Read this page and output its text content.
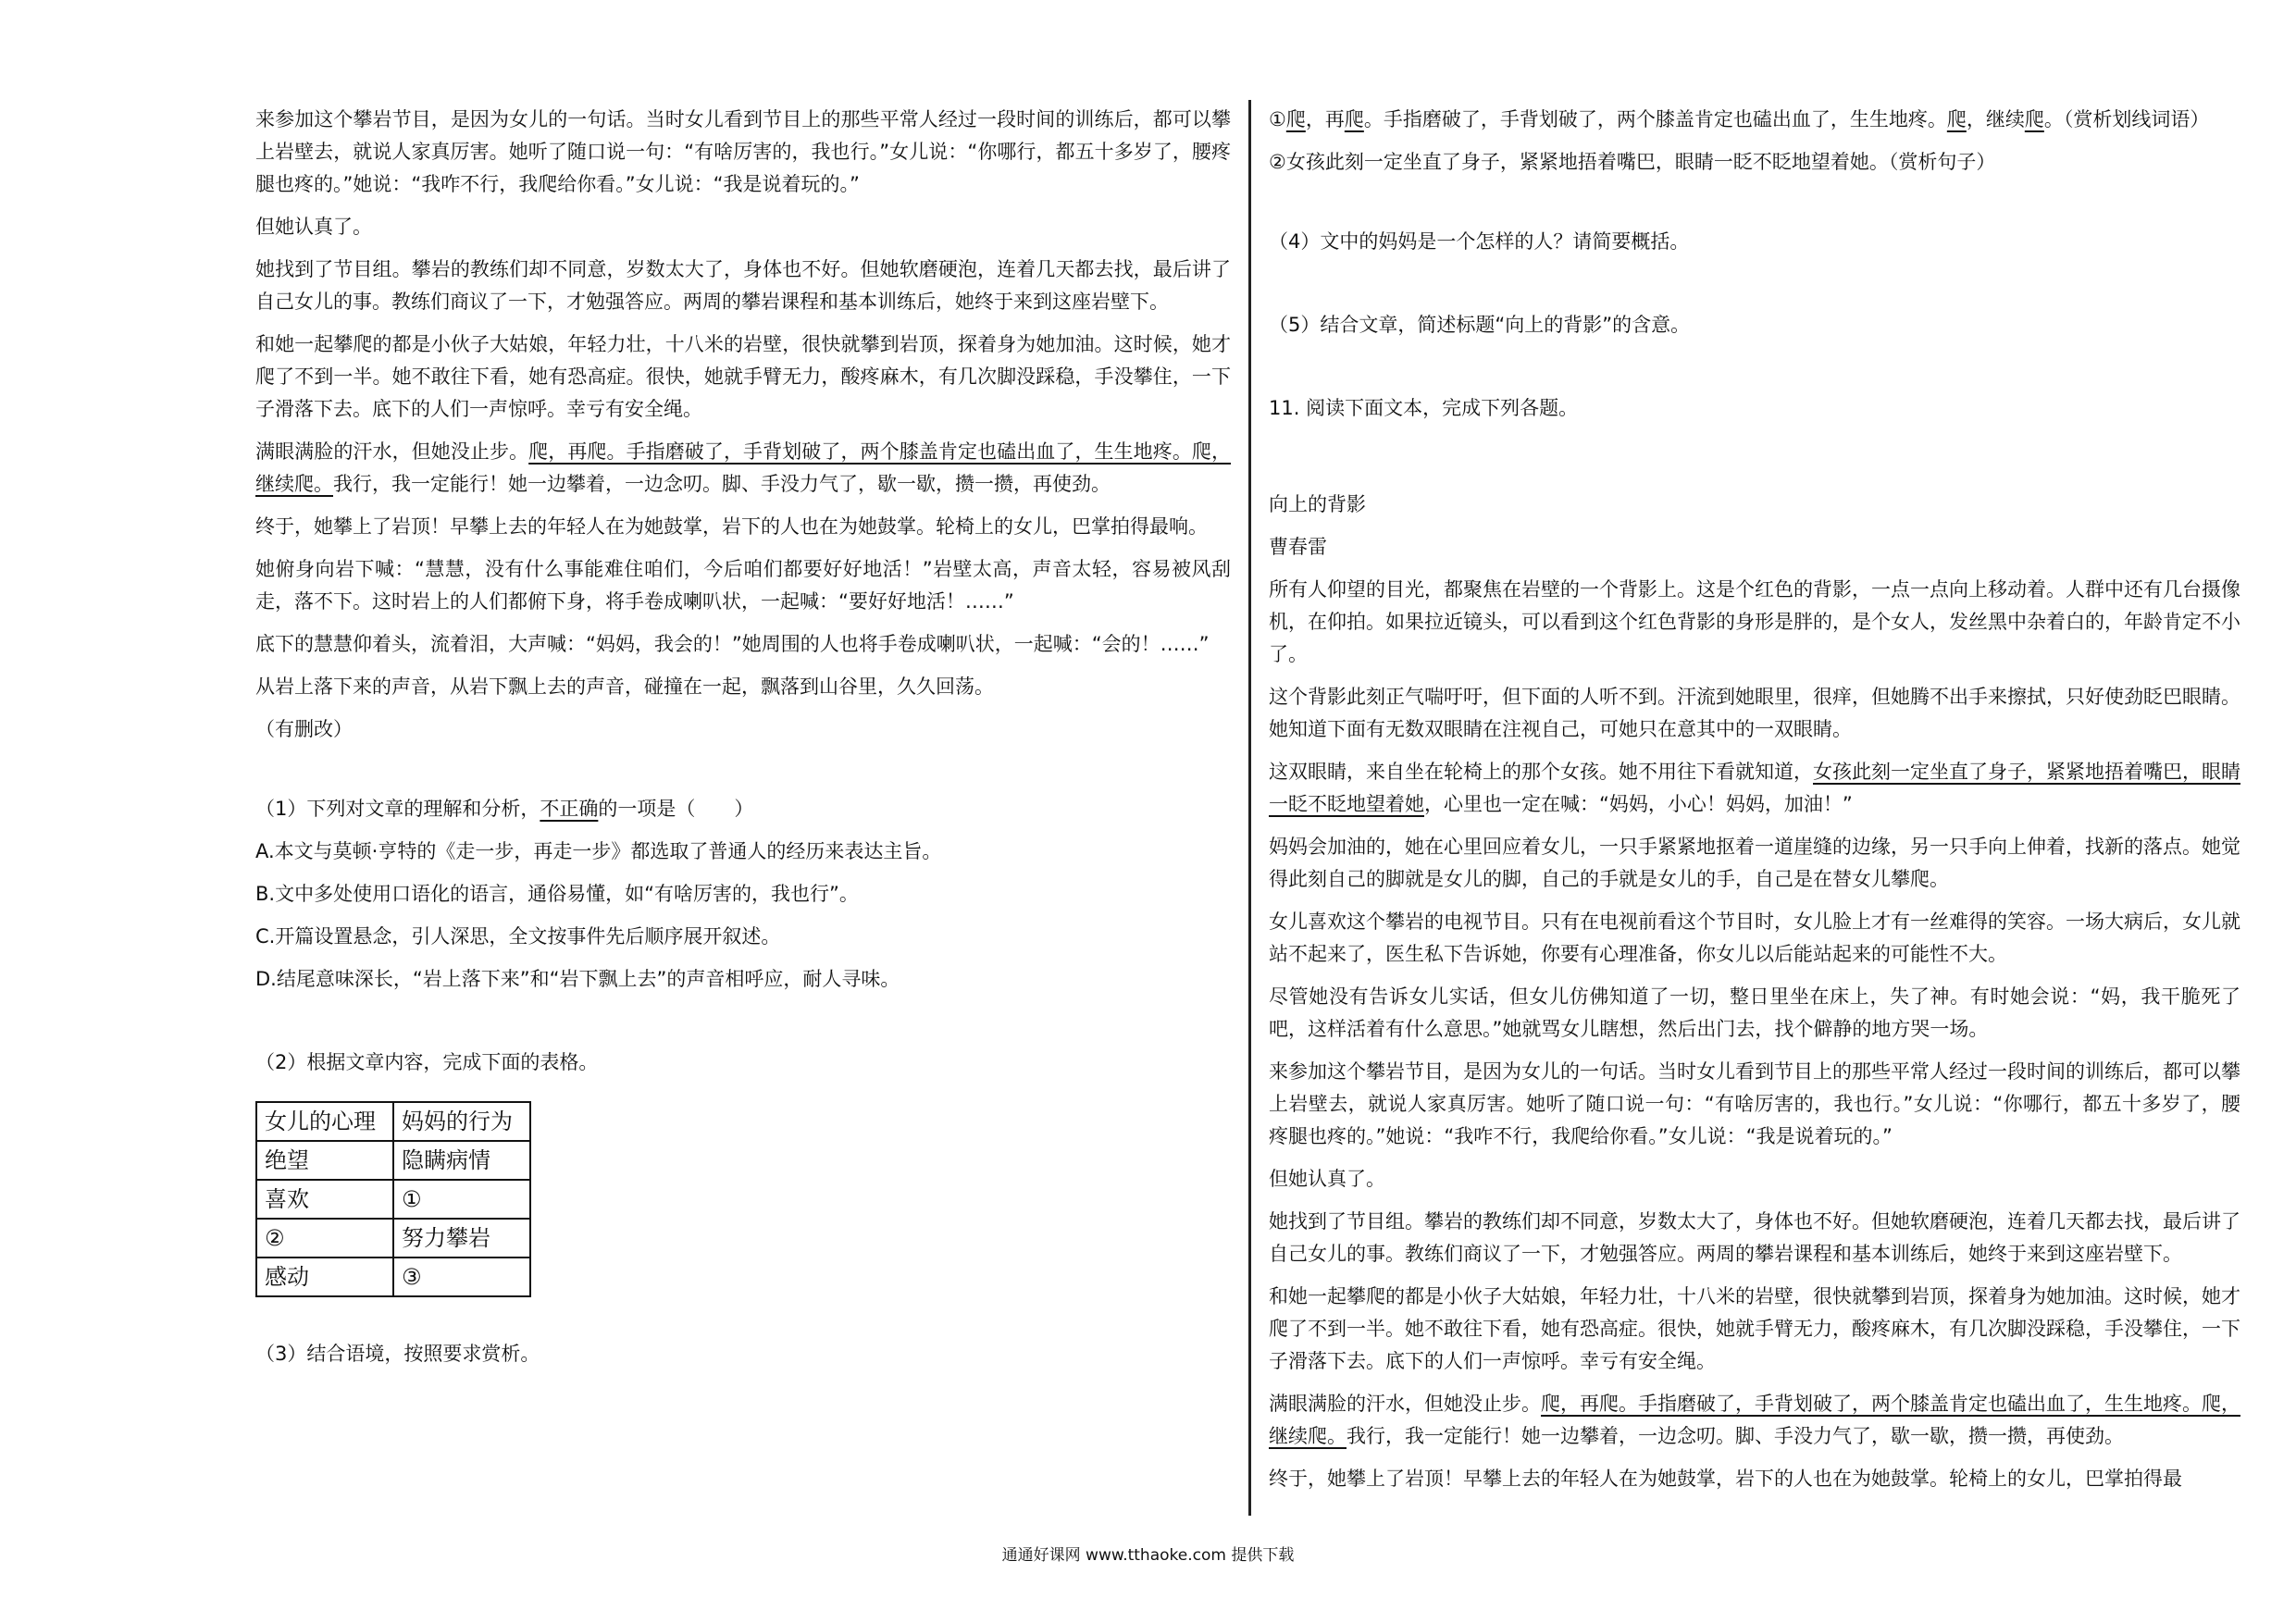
来参加这个攀岩节目，是因为女儿的一句话。当时女儿看到节目上的那些平常人经过一段时间的训练后，都可以攀上岩壁去，就说人家真厉害。她听了随口说一句：“有啥厉害的，我也行。”女儿说：“你哪行，都五十多岁了，腰疼腿也疼的。”她说：“我咋不行，我爬给你看。”女儿说：“我是说着玩的。”

但她认真了。

她找到了节目组。攀岩的教练们却不同意，岁数太大了，身体也不好。但她软磨硬泡，连着几天都去找，最后讲了自己女儿的事。教练们商议了一下，才勉强答应。两周的攀岩课程和基本训练后，她终于来到这座岩壁下。

和她一起攀爬的都是小伙子大姑娘，年轻力壮，十八米的岩壁，很快就攀到岩顶，探着身为她加油。这时候，她才爬了不到一半。她不敢往下看，她有恐高症。很快，她就手臂无力，酸疼麻木，有几次脚没踩稳，手没攀住，一下子滑落下去。底下的人们一声惊呼。幸亏有安全绳。

满眼满脸的汗水，但她没止步。爬，再爬。手指磨破了，手背划破了，两个膝盖肯定也磕出血了，生生地疼。爬，继续爬。我行，我一定能行！她一边攀着，一边念叨。脚、手没力气了，歇一歇，攒一攒，再使劲。

终于，她攀上了岩顶！早攀上去的年轻人在为她鼓掌，岩下的人也在为她鼓掌。轮椅上的女儿，巴掌拍得最响。

她俯身向岩下喊：“慧慧，没有什么事能难住咱们，今后咱们都要好好地活！”岩壁太高，声音太轻，容易被风刮走，落不下。这时岩上的人们都俯下身，将手卷成喇叭状，一起喊：“要好好地活！……”

底下的慧慧仰着头，流着泪，大声喊：“妈妈，我会的！”她周围的人也将手卷成喇叭状，一起喊：“会的！……”

从岩上落下来的声音，从岩下飘上去的声音，碰撞在一起，飘落到山谷里，久久回荡。

（有删改）

（1）下列对文章的理解和分析，不正确的一项是（　　）

A.本文与莫顿·亨特的《走一步，再走一步》都选取了普通人的经历来表达主旨。

B.文中多处使用口语化的语言，通俗易懂，如“有啥厉害的，我也行”。

C.开篇设置悬念，引人深思，全文按事件先后顺序展开叙述。

D.结尾意味深长，“岩上落下来”和“岩下飘上去”的声音相呼应，耐人寻味。

（2）根据文章内容，完成下面的表格。

女儿的心理	妈妈的行为
绝望	隐瞒病情
喜欢	①
②	努力攀岩
感动	③

（3）结合语境，按照要求赏析。

①爬，再爬。手指磨破了，手背划破了，两个膝盖肯定也磕出血了，生生地疼。爬，继续爬。（赏析划线词语）

②女孩此刻一定坐直了身子，紧紧地捂着嘴巴，眼睛一眨不眨地望着她。（赏析句子）

（4）文中的妈妈是一个怎样的人？请简要概括。

（5）结合文章，简述标题“向上的背影”的含意。

11. 阅读下面文本，完成下列各题。

向上的背影

曹春雷

所有人仰望的目光，都聚焦在岩壁的一个背影上。这是个红色的背影，一点一点向上移动着。人群中还有几台摄像机，在仰拍。如果拉近镜头，可以看到这个红色背影的身形是胖的，是个女人，发丝黑中杂着白的，年龄肯定不小了。

这个背影此刻正气喘吁吁，但下面的人听不到。汗流到她眼里，很痒，但她腾不出手来擦拭，只好使劲眨巴眼睛。她知道下面有无数双眼睛在注视自己，可她只在意其中的一双眼睛。

这双眼睛，来自坐在轮椅上的那个女孩。她不用往下看就知道，女孩此刻一定坐直了身子，紧紧地捂着嘴巴，眼睛一眨不眨地望着她，心里也一定在喊：“妈妈，小心！妈妈，加油！”

妈妈会加油的，她在心里回应着女儿，一只手紧紧地抠着一道崖缝的边缘，另一只手向上伸着，找新的落点。她觉得此刻自己的脚就是女儿的脚，自己的手就是女儿的手，自己是在替女儿攀爬。

女儿喜欢这个攀岩的电视节目。只有在电视前看这个节目时，女儿脸上才有一丝难得的笑容。一场大病后，女儿就站不起来了，医生私下告诉她，你要有心理准备，你女儿以后能站起来的可能性不大。

尽管她没有告诉女儿实话，但女儿仿佛知道了一切，整日里坐在床上，失了神。有时她会说：“妈，我干脆死了吧，这样活着有什么意思。”她就骂女儿瞎想，然后出门去，找个僻静的地方哭一场。

来参加这个攀岩节目，是因为女儿的一句话。当时女儿看到节目上的那些平常人经过一段时间的训练后，都可以攀上岩壁去，就说人家真厉害。她听了随口说一句：“有啥厉害的，我也行。”女儿说：“你哪行，都五十多岁了，腰疼腿也疼的。”她说：“我咋不行，我爬给你看。”女儿说：“我是说着玩的。”

但她认真了。

她找到了节目组。攀岩的教练们却不同意，岁数太大了，身体也不好。但她软磨硬泡，连着几天都去找，最后讲了自己女儿的事。教练们商议了一下，才勉强答应。两周的攀岩课程和基本训练后，她终于来到这座岩壁下。

和她一起攀爬的都是小伙子大姑娘，年轻力壮，十八米的岩壁，很快就攀到岩顶，探着身为她加油。这时候，她才爬了不到一半。她不敢往下看，她有恐高症。很快，她就手臂无力，酸疼麻木，有几次脚没踩稳，手没攀住，一下子滑落下去。底下的人们一声惊呼。幸亏有安全绳。

满眼满脸的汗水，但她没止步。爬，再爬。手指磨破了，手背划破了，两个膝盖肯定也磕出血了，生生地疼。爬，继续爬。我行，我一定能行！她一边攀着，一边念叨。脚、手没力气了，歇一歇，攒一攒，再使劲。

终于，她攀上了岩顶！早攀上去的年轻人在为她鼓掌，岩下的人也在为她鼓掌。轮椅上的女儿，巴掌拍得最

通通好课网 www.tthaoke.com 提供下载
